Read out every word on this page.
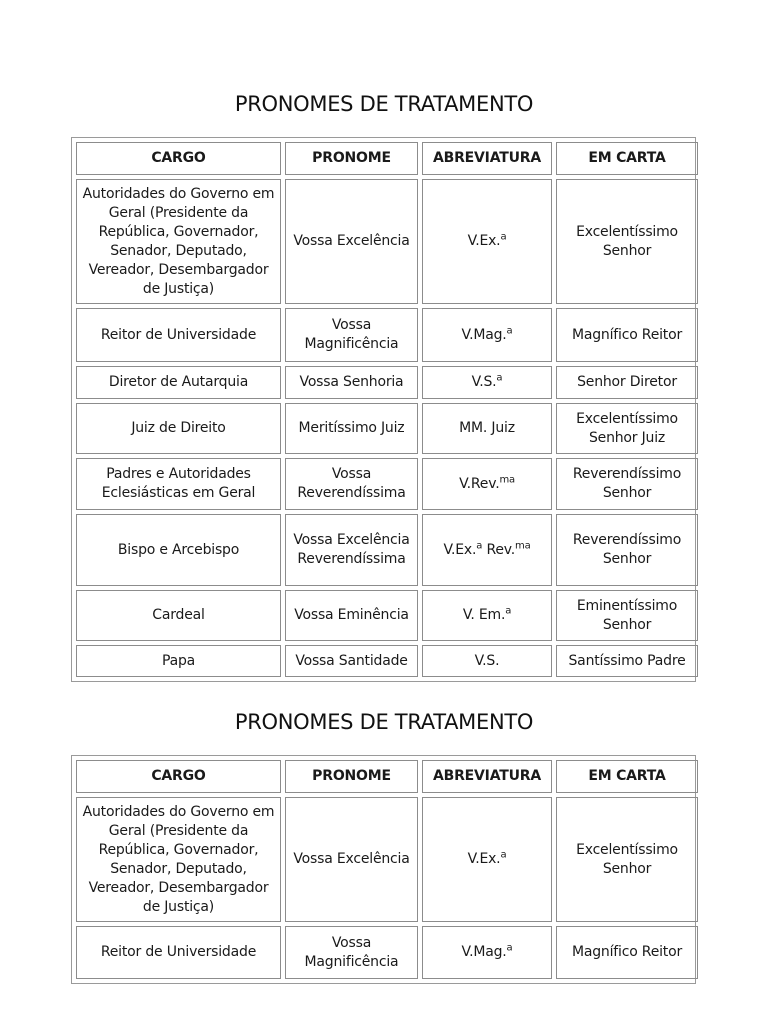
PRONOMES DE TRATAMENTO
CARGO	PRONOME	ABREVIATURA	EM CARTA
Autoridades do Governo em Geral (Presidente da República, Governador, Senador, Deputado, Vereador, Desembargador de Justiça)	Vossa Excelência	V.Ex.$^a$	Excelentíssimo Senhor
Reitor de Universidade	Vossa Magnificência	V.Mag.$^a$	Magnífico Reitor
Diretor de Autarquia	Vossa Senhoria	V.S.$^a$	Senhor Diretor
Juiz de Direito	Meritíssimo Juiz	MM. Juiz	Excelentíssimo Senhor Juiz
Padres e Autoridades Eclesiásticas em Geral	Vossa Reverendíssima	V.Rev.$^{ma}$	Reverendíssimo Senhor
Bispo e Arcebispo	Vossa Excelência Reverendíssima	V.Ex.$^a$ Rev.$^{ma}$	Reverendíssimo Senhor
Cardeal	Vossa Eminência	V. Em.$^a$	Eminentíssimo Senhor
Papa	Vossa Santidade	V.S.	Santíssimo Padre
PRONOMES DE TRATAMENTO
CARGO	PRONOME	ABREVIATURA	EM CARTA
Autoridades do Governo em Geral (Presidente da República, Governador, Senador, Deputado, Vereador, Desembargador de Justiça)	Vossa Excelência	V.Ex.$^a$	Excelentíssimo Senhor
Reitor de Universidade	Vossa Magnificência	V.Mag.$^a$	Magnífico Reitor
